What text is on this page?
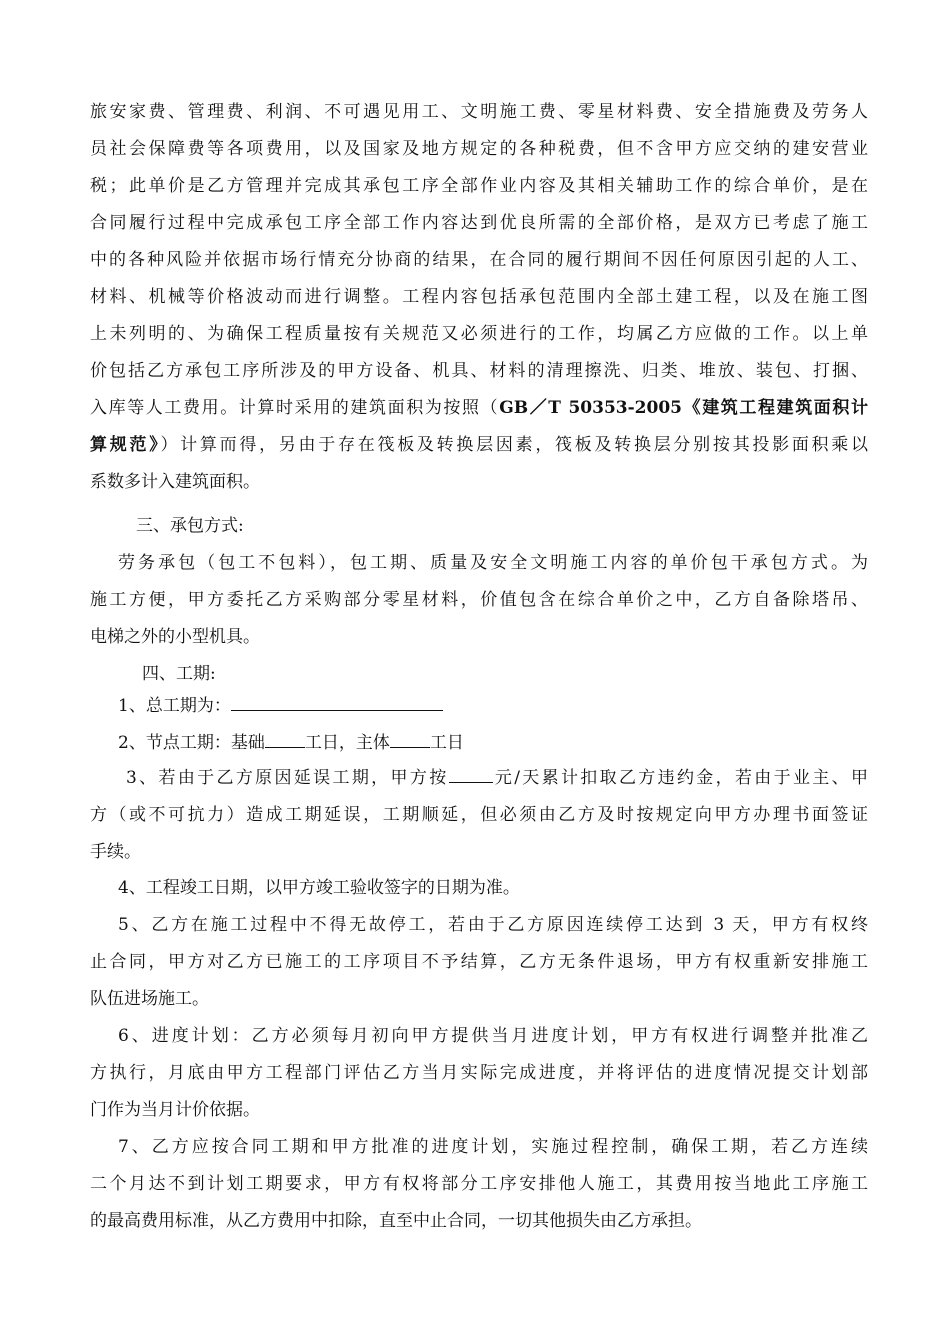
旅安家费、管理费、利润、不可遇见用工、文明施工费、零星材料费、安全措施费及劳务人
员社会保障费等各项费用，以及国家及地方规定的各种税费，但不含甲方应交纳的建安营业
税；此单价是乙方管理并完成其承包工序全部作业内容及其相关辅助工作的综合单价，是在
合同履行过程中完成承包工序全部工作内容达到优良所需的全部价格，是双方已考虑了施工
中的各种风险并依据市场行情充分协商的结果，在合同的履行期间不因任何原因引起的人工、
材料、机械等价格波动而进行调整。工程内容包括承包范围内全部土建工程，以及在施工图
上未列明的、为确保工程质量按有关规范又必须进行的工作，均属乙方应做的工作。以上单
价包括乙方承包工序所涉及的甲方设备、机具、材料的清理擦洗、归类、堆放、装包、打捆、
入库等人工费用。计算时采用的建筑面积为按照（GB／T 50353-2005《建筑工程建筑面积计
算规范》）计算而得，另由于存在筏板及转换层因素，筏板及转换层分别按其投影面积乘以
系数多计入建筑面积。
三、承包方式:
劳务承包（包工不包料），包工期、质量及安全文明施工内容的单价包干承包方式。为
施工方便，甲方委托乙方采购部分零星材料，价值包含在综合单价之中，乙方自备除塔吊、
电梯之外的小型机具。
四、工期:
1、总工期为：
2、节点工期：基础 工日，主体 工日
3、若由于乙方原因延误工期，甲方按	元/天累计扣取乙方违约金，若由于业主、甲
方（或不可抗力）造成工期延误，工期顺延，但必须由乙方及时按规定向甲方办理书面签证
手续。
4、工程竣工日期，以甲方竣工验收签字的日期为准。
5、乙方在施工过程中不得无故停工，若由于乙方原因连续停工达到 3 天，甲方有权终
止合同，甲方对乙方已施工的工序项目不予结算，乙方无条件退场，甲方有权重新安排施工
队伍进场施工。
6、进度计划：乙方必须每月初向甲方提供当月进度计划，甲方有权进行调整并批准乙
方执行，月底由甲方工程部门评估乙方当月实际完成进度，并将评估的进度情况提交计划部
门作为当月计价依据。
7、乙方应按合同工期和甲方批准的进度计划，实施过程控制，确保工期，若乙方连续
二个月达不到计划工期要求，甲方有权将部分工序安排他人施工，其费用按当地此工序施工
的最高费用标准，从乙方费用中扣除，直至中止合同，一切其他损失由乙方承担。
